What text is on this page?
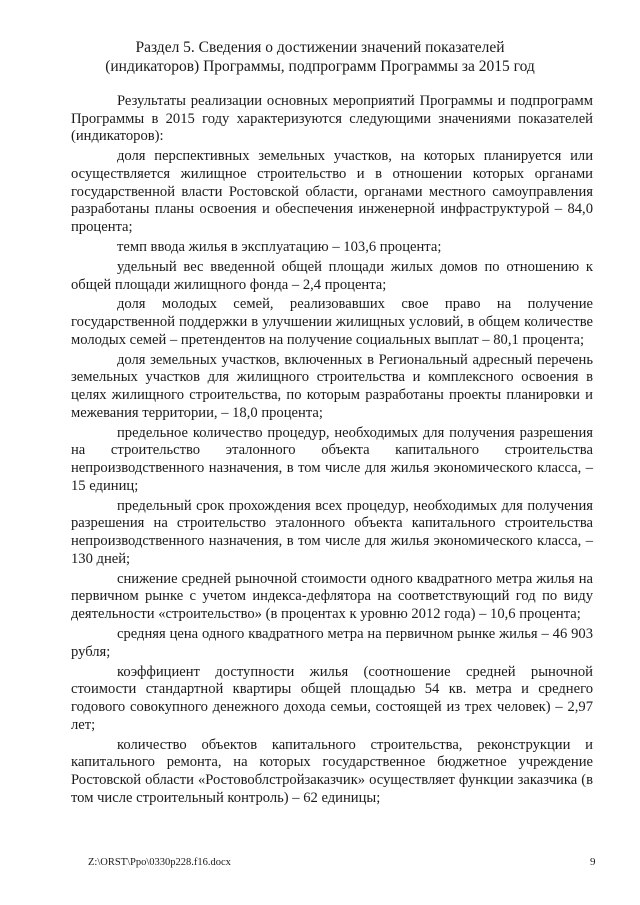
Раздел 5. Сведения о достижении значений показателей
(индикаторов) Программы, подпрограмм Программы за 2015 год

Результаты реализации основных мероприятий Программы и подпрограмм Программы в 2015 году характеризуются следующими значениями показателей (индикаторов):

доля перспективных земельных участков, на которых планируется или осуществляется жилищное строительство и в отношении которых органами государственной власти Ростовской области, органами местного самоуправления разработаны планы освоения и обеспечения инженерной инфраструктурой – 84,0 процента;

темп ввода жилья в эксплуатацию – 103,6 процента;

удельный вес введенной общей площади жилых домов по отношению к общей площади жилищного фонда – 2,4 процента;

доля молодых семей, реализовавших свое право на получение государственной поддержки в улучшении жилищных условий, в общем количестве молодых семей – претендентов на получение социальных выплат – 80,1 процента;

доля земельных участков, включенных в Региональный адресный перечень земельных участков для жилищного строительства и комплексного освоения в целях жилищного строительства, по которым разработаны проекты планировки и межевания территории, – 18,0 процента;

предельное количество процедур, необходимых для получения разрешения на строительство эталонного объекта капитального строительства непроизводственного назначения, в том числе для жилья экономического класса, – 15 единиц;

предельный срок прохождения всех процедур, необходимых для получения разрешения на строительство эталонного объекта капитального строительства непроизводственного назначения, в том числе для жилья экономического класса, – 130 дней;

снижение средней рыночной стоимости одного квадратного метра жилья на первичном рынке с учетом индекса-дефлятора на соответствующий год по виду деятельности «строительство» (в процентах к уровню 2012 года) – 10,6 процента;

средняя цена одного квадратного метра на первичном рынке жилья – 46 903 рубля;

коэффициент доступности жилья (соотношение средней рыночной стоимости стандартной квартиры общей площадью 54 кв. метра и среднего годового совокупного денежного дохода семьи, состоящей из трех человек) – 2,97 лет;

количество объектов капитального строительства, реконструкции и капитального ремонта, на которых государственное бюджетное учреждение Ростовской области «Ростовоблстройзаказчик» осуществляет функции заказчика (в том числе строительный контроль) – 62 единицы;

Z:\ORST\Ppo\0330p228.f16.docx	9
